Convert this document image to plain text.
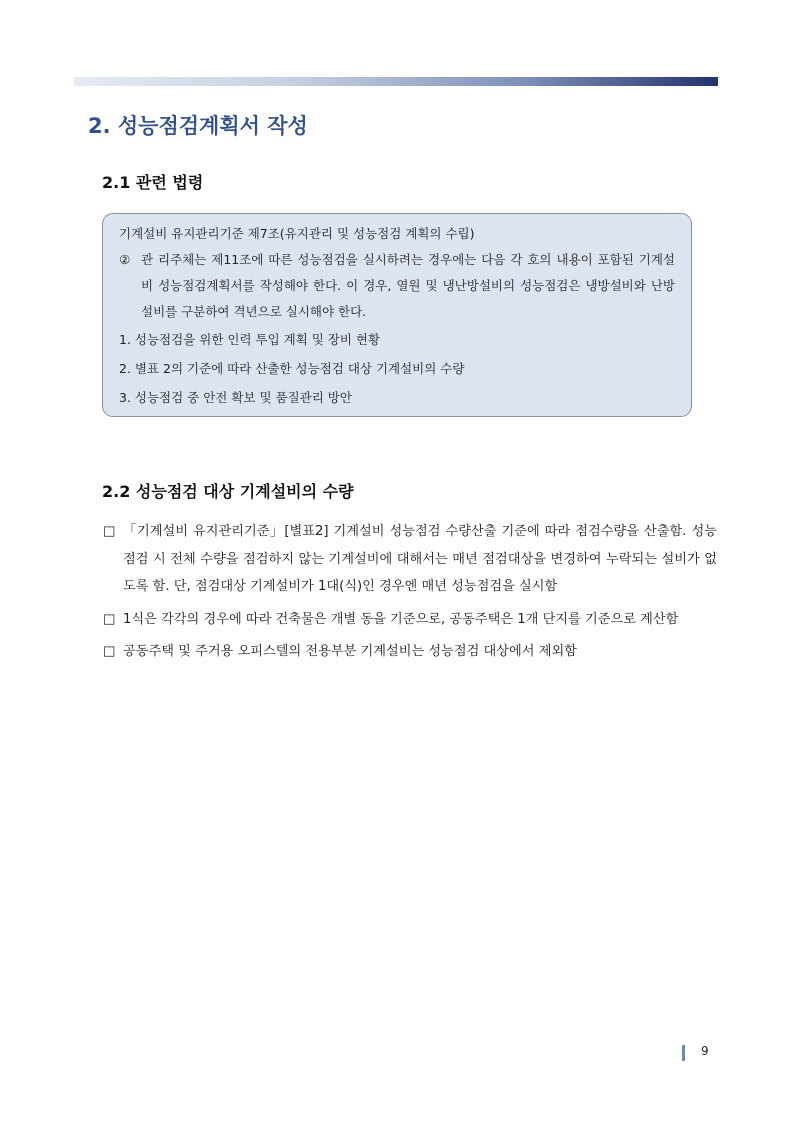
2. 성능점검계획서 작성
2.1 관련 법령
기계설비 유지관리기준 제7조(유지관리 및 성능점검 계획의 수립)
② 관 리주체는 제11조에 따른 성능점검을 실시하려는 경우에는 다음 각 호의 내용이 포함된 기계설비 성능점검계획서를 작성해야 한다. 이 경우, 열원 및 냉난방설비의 성능점검은 냉방설비와 난방설비를 구분하여 격년으로 실시해야 한다.
1. 성능점검을 위한 인력 투입 계획 및 장비 현황
2. 별표 2의 기준에 따라 산출한 성능점검 대상 기계설비의 수량
3. 성능점검 중 안전 확보 및 품질관리 방안
2.2 성능점검 대상 기계설비의 수량
□ 「기계설비 유지관리기준」[별표2] 기계설비 성능점검 수량산출 기준에 따라 점검수량을 산출함. 성능점검 시 전체 수량을 점검하지 않는 기계설비에 대해서는 매년 점검대상을 변경하여 누락되는 설비가 없도록 함. 단, 점검대상 기계설비가 1대(식)인 경우엔 매년 성능점검을 실시함
□ 1식은 각각의 경우에 따라 건축물은 개별 동을 기준으로, 공동주택은 1개 단지를 기준으로 계산함
□ 공동주택 및 주거용 오피스텔의 전용부분 기계설비는 성능점검 대상에서 제외함
9
